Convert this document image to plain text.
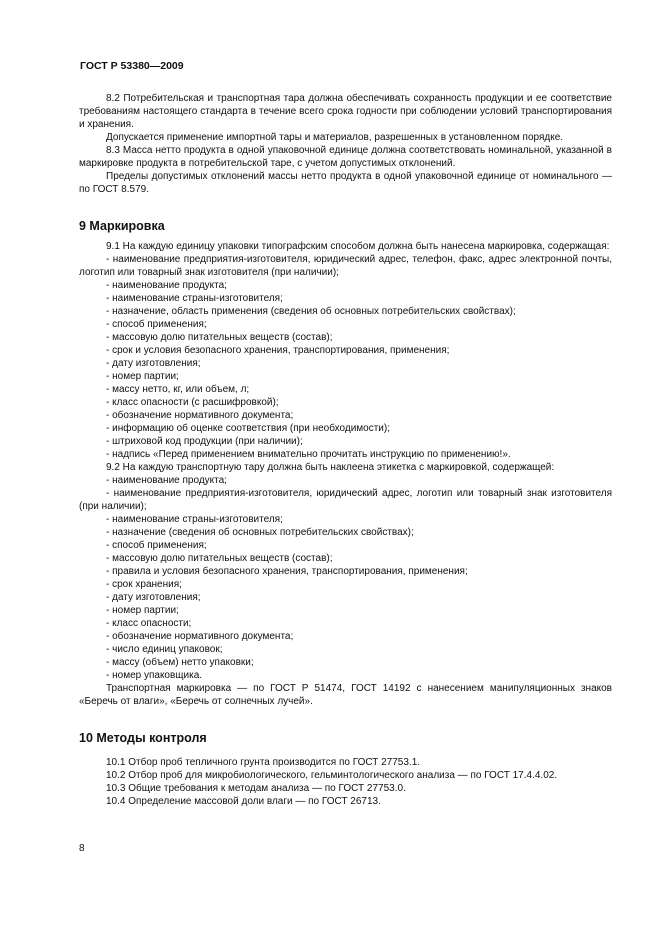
ГОСТ Р 53380—2009

8.2 Потребительская и транспортная тара должна обеспечивать сохранность продукции и ее соответствие требованиям настоящего стандарта в течение всего срока годности при соблюдении условий транспортирования и хранения.

Допускается применение импортной тары и материалов, разрешенных в установленном порядке.

8.3 Масса нетто продукта в одной упаковочной единице должна соответствовать номинальной, указанной в маркировке продукта в потребительской таре, с учетом допустимых отклонений.

Пределы допустимых отклонений массы нетто продукта в одной упаковочной единице от номинального — по ГОСТ 8.579.

9 Маркировка

9.1 На каждую единицу упаковки типографским способом должна быть нанесена маркировка, содержащая:

- наименование предприятия-изготовителя, юридический адрес, телефон, факс, адрес электронной почты, логотип или товарный знак изготовителя (при наличии);

- наименование продукта;

- наименование страны-изготовителя;

- назначение, область применения (сведения об основных потребительских свойствах);

- способ применения;

- массовую долю питательных веществ (состав);

- срок и условия безопасного хранения, транспортирования, применения;

- дату изготовления;

- номер партии;

- массу нетто, кг, или объем, л;

- класс опасности (с расшифровкой);

- обозначение нормативного документа;

- информацию об оценке соответствия (при необходимости);

- штриховой код продукции (при наличии);

- надпись «Перед применением внимательно прочитать инструкцию по применению!».

9.2 На каждую транспортную тару должна быть наклеена этикетка с маркировкой, содержащей:

- наименование продукта;

- наименование предприятия-изготовителя, юридический адрес, логотип или товарный знак изготовителя (при наличии);

- наименование страны-изготовителя;

- назначение (сведения об основных потребительских свойствах);

- способ применения;

- массовую долю питательных веществ (состав);

- правила и условия безопасного хранения, транспортирования, применения;

- срок хранения;

- дату изготовления;

- номер партии;

- класс опасности;

- обозначение нормативного документа;

- число единиц упаковок;

- массу (объем) нетто упаковки;

- номер упаковщика.

Транспортная маркировка — по ГОСТ Р 51474, ГОСТ 14192 с нанесением манипуляционных знаков «Беречь от влаги», «Беречь от солнечных лучей».

10 Методы контроля

10.1 Отбор проб тепличного грунта производится по ГОСТ 27753.1.

10.2 Отбор проб для микробиологического, гельминтологического анализа — по ГОСТ 17.4.4.02.

10.3 Общие требования к методам анализа — по ГОСТ 27753.0.

10.4 Определение массовой доли влаги — по ГОСТ 26713.

8
